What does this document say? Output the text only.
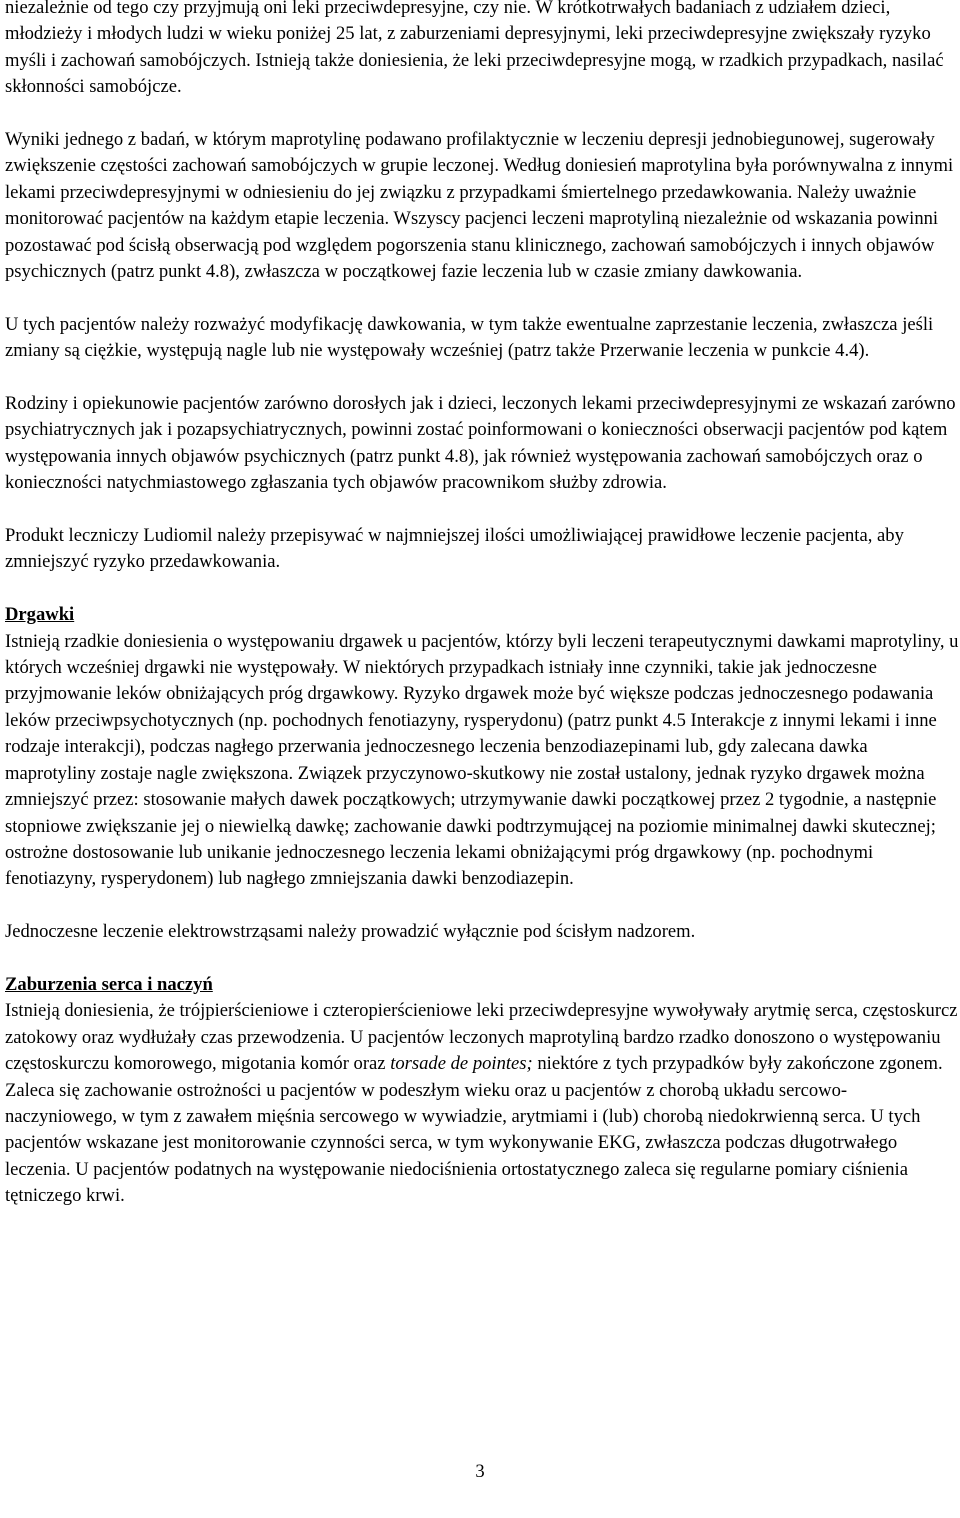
niezależnie od tego czy przyjmują oni leki przeciwdepresyjne, czy nie. W krótkotrwałych badaniach z udziałem dzieci, młodzieży i młodych ludzi w wieku poniżej 25 lat, z zaburzeniami depresyjnymi, leki przeciwdepresyjne zwiększały ryzyko myśli i zachowań samobójczych. Istnieją także doniesienia, że leki przeciwdepresyjne mogą, w rzadkich przypadkach, nasilać skłonności samobójcze.

Wyniki jednego z badań, w którym maprotylinę podawano profilaktycznie w leczeniu depresji jednobiegunowej, sugerowały zwiększenie częstości zachowań samobójczych w grupie leczonej. Według doniesień maprotylina była porównywalna z innymi lekami przeciwdepresyjnymi w odniesieniu do jej związku z przypadkami śmiertelnego przedawkowania. Należy uważnie monitorować pacjentów na każdym etapie leczenia. Wszyscy pacjenci leczeni maprotyliną niezależnie od wskazania powinni pozostawać pod ścisłą obserwacją pod względem pogorszenia stanu klinicznego, zachowań samobójczych i innych objawów psychicznych (patrz punkt 4.8), zwłaszcza w początkowej fazie leczenia lub w czasie zmiany dawkowania.

U tych pacjentów należy rozważyć modyfikację dawkowania, w tym także ewentualne zaprzestanie leczenia, zwłaszcza jeśli zmiany są ciężkie, występują nagle lub nie występowały wcześniej (patrz także Przerwanie leczenia w punkcie 4.4).

Rodziny i opiekunowie pacjentów zarówno dorosłych jak i dzieci, leczonych lekami przeciwdepresyjnymi ze wskazań zarówno psychiatrycznych jak i pozapsychiatrycznych, powinni zostać poinformowani o konieczności obserwacji pacjentów pod kątem występowania innych objawów psychicznych (patrz punkt 4.8), jak również występowania zachowań samobójczych oraz o konieczności natychmiastowego zgłaszania tych objawów pracownikom służby zdrowia.

Produkt leczniczy Ludiomil należy przepisywać w najmniejszej ilości umożliwiającej prawidłowe leczenie pacjenta, aby zmniejszyć ryzyko przedawkowania.

Drgawki

Istnieją rzadkie doniesienia o występowaniu drgawek u pacjentów, którzy byli leczeni terapeutycznymi dawkami maprotyliny, u których wcześniej drgawki nie występowały. W niektórych przypadkach istniały inne czynniki, takie jak jednoczesne przyjmowanie leków obniżających próg drgawkowy. Ryzyko drgawek może być większe podczas jednoczesnego podawania leków przeciwpsychotycznych (np. pochodnych fenotiazyny, rysperydonu) (patrz punkt 4.5 Interakcje z innymi lekami i inne rodzaje interakcji), podczas nagłego przerwania jednoczesnego leczenia benzodiazepinami lub, gdy zalecana dawka maprotyliny zostaje nagle zwiększona. Związek przyczynowo-skutkowy nie został ustalony, jednak ryzyko drgawek można zmniejszyć przez: stosowanie małych dawek początkowych; utrzymywanie dawki początkowej przez 2 tygodnie, a następnie stopniowe zwiększanie jej o niewielką dawkę; zachowanie dawki podtrzymującej na poziomie minimalnej dawki skutecznej; ostrożne dostosowanie lub unikanie jednoczesnego leczenia lekami obniżającymi próg drgawkowy (np. pochodnymi fenotiazyny, rysperydonem) lub nagłego zmniejszania dawki benzodiazepin.

Jednoczesne leczenie elektrowstrząsami należy prowadzić wyłącznie pod ścisłym nadzorem.

Zaburzenia serca i naczyń

Istnieją doniesienia, że trójpierścieniowe i czteropierścieniowe leki przeciwdepresyjne wywoływały arytmię serca, częstoskurcz zatokowy oraz wydłużały czas przewodzenia. U pacjentów leczonych maprotyliną bardzo rzadko donoszono o występowaniu częstoskurczu komorowego, migotania komór oraz torsade de pointes; niektóre z tych przypadków były zakończone zgonem. Zaleca się zachowanie ostrożności u pacjentów w podeszłym wieku oraz u pacjentów z chorobą układu sercowo-naczyniowego, w tym z zawałem mięśnia sercowego w wywiadzie, arytmiami i (lub) chorobą niedokrwienną serca. U tych pacjentów wskazane jest monitorowanie czynności serca, w tym wykonywanie EKG, zwłaszcza podczas długotrwałego leczenia. U pacjentów podatnych na występowanie niedociśnienia ortostatycznego zaleca się regularne pomiary ciśnienia tętniczego krwi.

3
